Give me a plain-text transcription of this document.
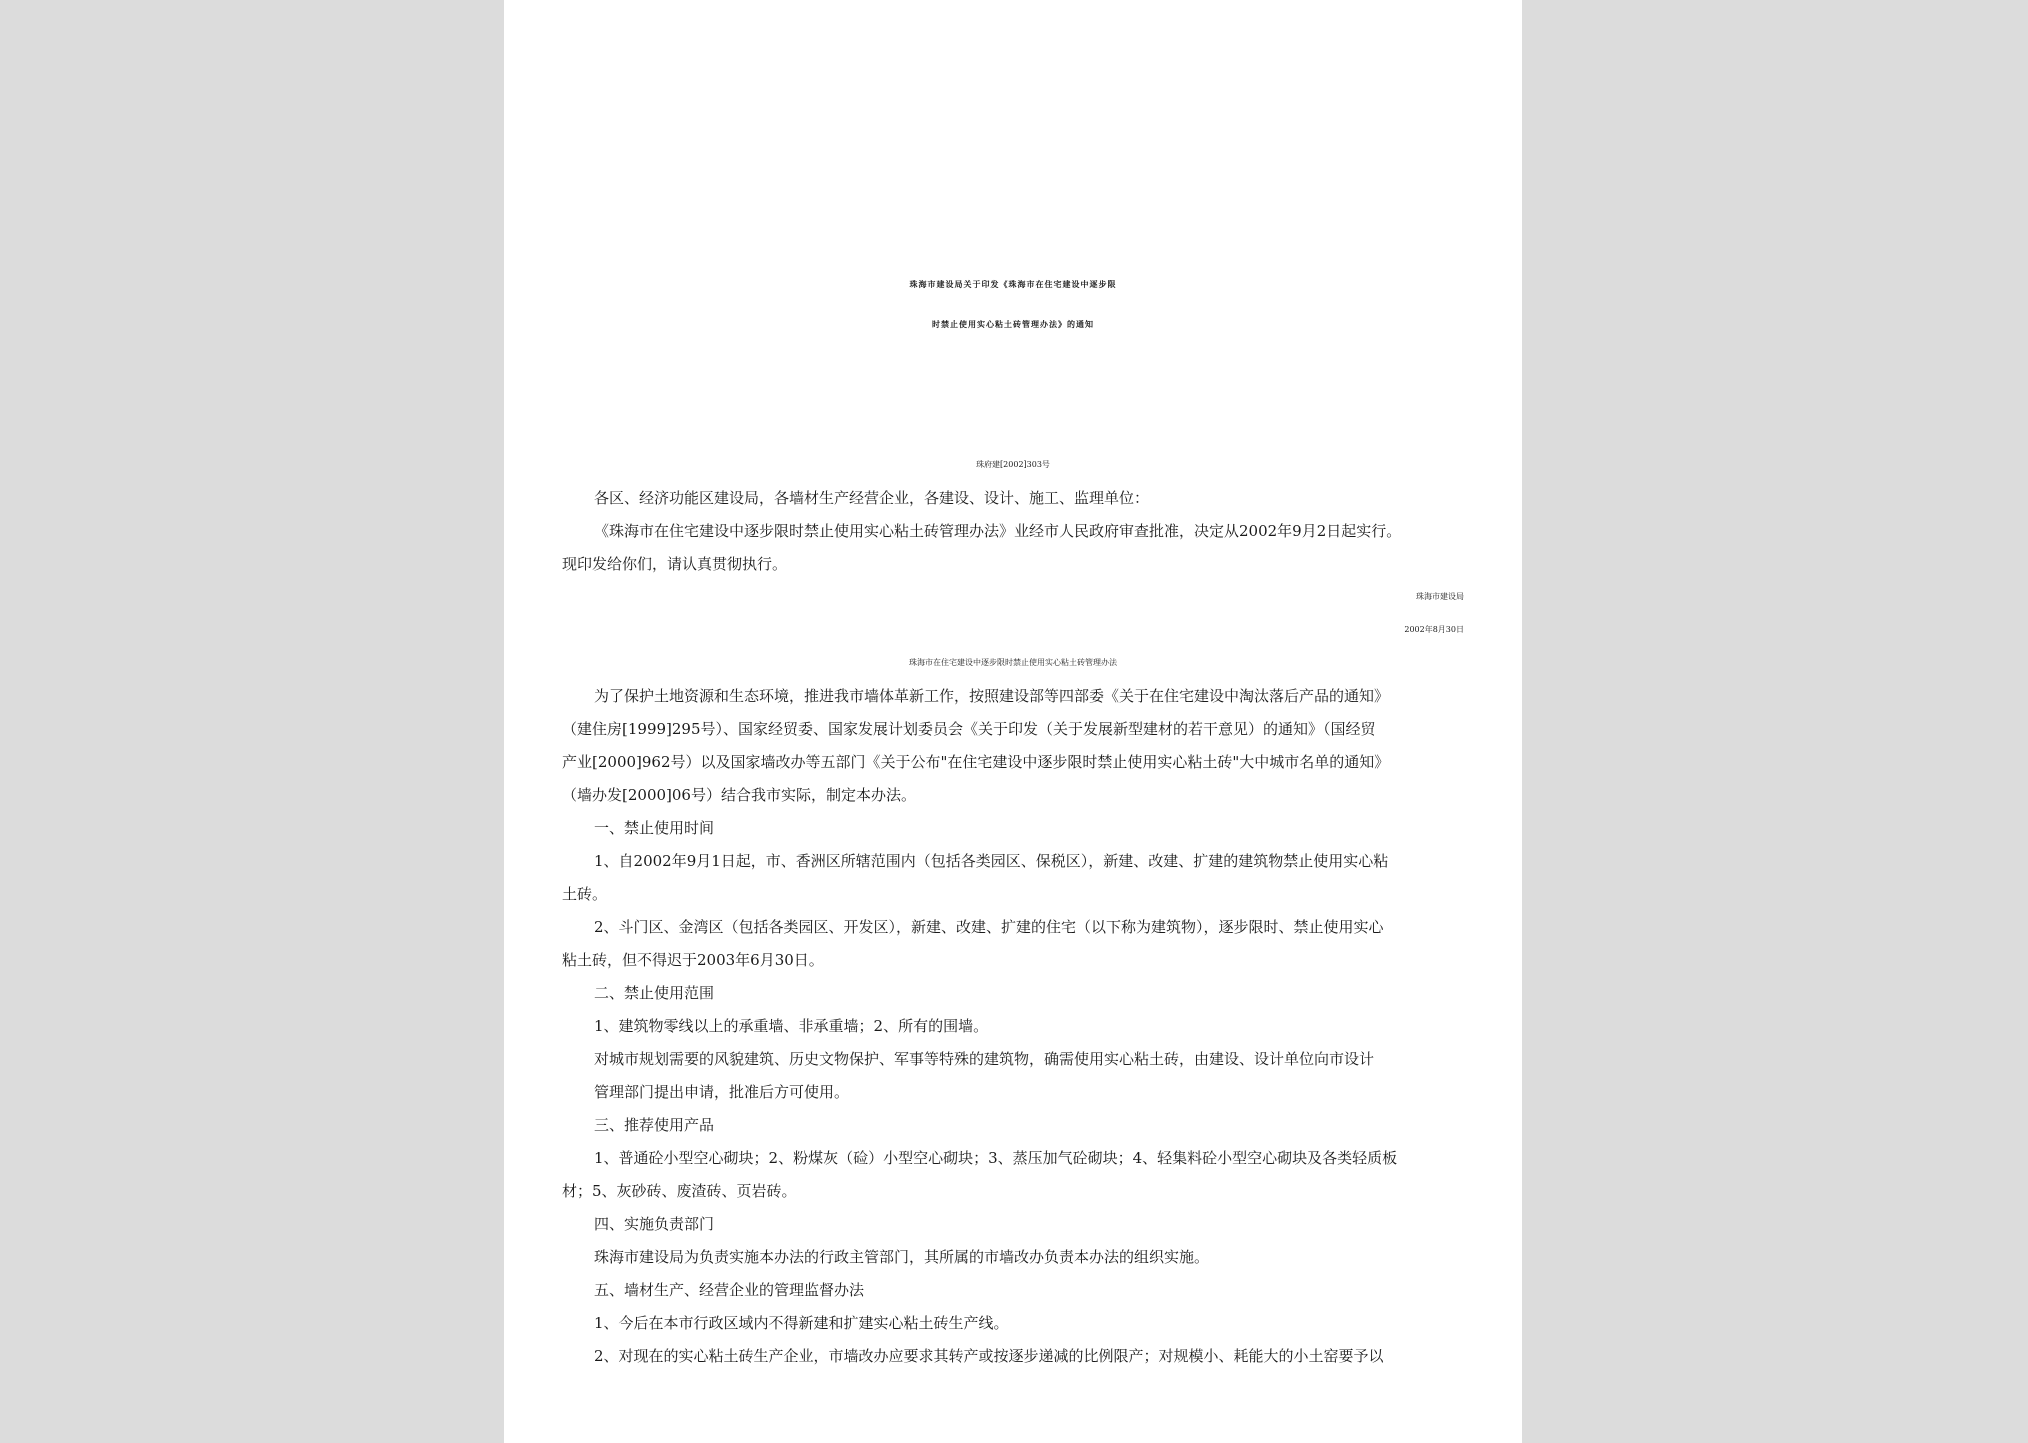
珠海市建设局关于印发《珠海市在住宅建设中逐步限
时禁止使用实心粘土砖管理办法》的通知
珠府建[2002]303号
各区、经济功能区建设局，各墙材生产经营企业，各建设、设计、施工、监理单位：
《珠海市在住宅建设中逐步限时禁止使用实心粘土砖管理办法》业经市人民政府审查批准，决定从2002年9月2日起实行。
现印发给你们，请认真贯彻执行。
珠海市建设局
2002年8月30日
珠海市在住宅建设中逐步限时禁止使用实心粘土砖管理办法
为了保护土地资源和生态环境，推进我市墙体革新工作，按照建设部等四部委《关于在住宅建设中淘汰落后产品的通知》
（建住房[1999]295号）、国家经贸委、国家发展计划委员会《关于印发（关于发展新型建材的若干意见）的通知》（国经贸
产业[2000]962号）以及国家墙改办等五部门《关于公布"在住宅建设中逐步限时禁止使用实心粘土砖"大中城市名单的通知》
（墙办发[2000]06号）结合我市实际，制定本办法。
一、禁止使用时间
1、自2002年9月1日起，市、香洲区所辖范围内（包括各类园区、保税区），新建、改建、扩建的建筑物禁止使用实心粘
土砖。
2、斗门区、金湾区（包括各类园区、开发区），新建、改建、扩建的住宅（以下称为建筑物），逐步限时、禁止使用实心
粘土砖，但不得迟于2003年6月30日。
二、禁止使用范围
1、建筑物零线以上的承重墙、非承重墙；2、所有的围墙。
对城市规划需要的风貌建筑、历史文物保护、军事等特殊的建筑物，确需使用实心粘土砖，由建设、设计单位向市设计
管理部门提出申请，批准后方可使用。
三、推荐使用产品
1、普通砼小型空心砌块；2、粉煤灰（硷）小型空心砌块；3、蒸压加气砼砌块；4、轻集料砼小型空心砌块及各类轻质板
材；5、灰砂砖、废渣砖、页岩砖。
四、实施负责部门
珠海市建设局为负责实施本办法的行政主管部门，其所属的市墙改办负责本办法的组织实施。
五、墙材生产、经营企业的管理监督办法
1、今后在本市行政区域内不得新建和扩建实心粘土砖生产线。
2、对现在的实心粘土砖生产企业，市墙改办应要求其转产或按逐步递减的比例限产；对规模小、耗能大的小土窑要予以
